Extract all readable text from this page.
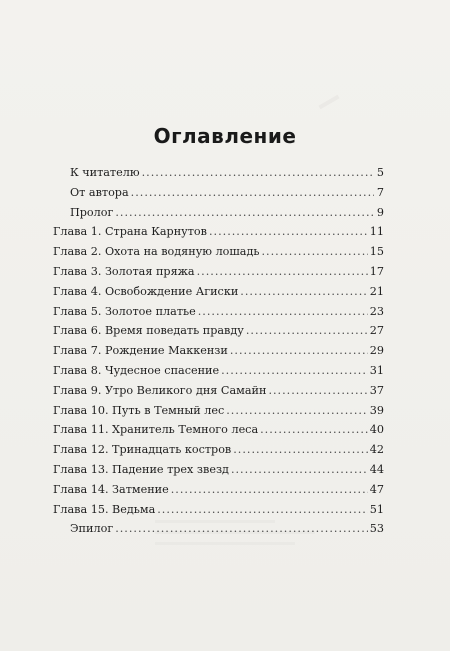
Оглавление
К читателю .....	5
От автора .....	7
Пролог .....	9
Глава 1. Страна Карнутов .....	11
Глава 2. Охота на водяную лошадь .....	15
Глава 3. Золотая пряжа .....	17
Глава 4. Освобождение Агиски .....	21
Глава 5. Золотое платье .....	23
Глава 6. Время поведать правду .....	27
Глава 7. Рождение Маккензи .....	29
Глава 8. Чудесное спасение .....	31
Глава 9. Утро Великого дня Самайн .....	37
Глава 10. Путь в Темный лес .....	39
Глава 11. Хранитель Темного леса .....	40
Глава 12. Тринадцать костров .....	42
Глава 13. Падение трех звезд .....	44
Глава 14. Затмение .....	47
Глава 15. Ведьма .....	51
Эпилог .....	53
